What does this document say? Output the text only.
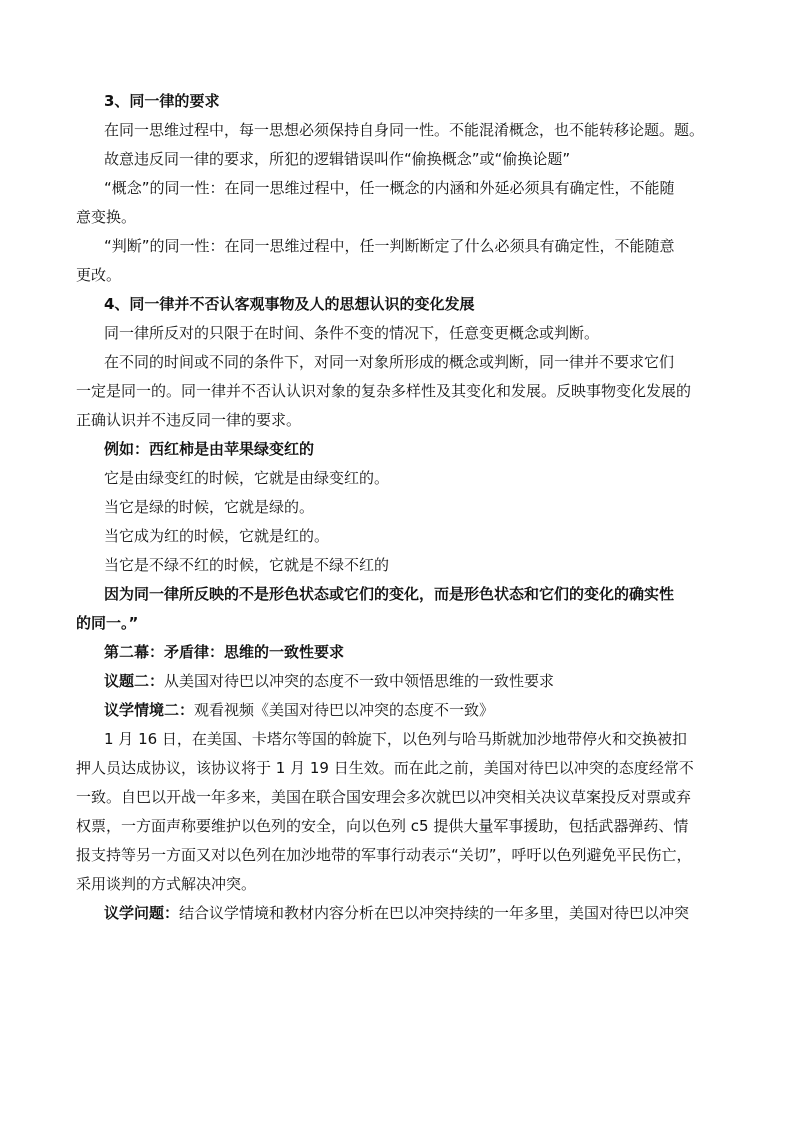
3、同一律的要求
在同一思维过程中，每一思想必须保持自身同一性。不能混淆概念，也不能转移论题。题。
故意违反同一律的要求，所犯的逻辑错误叫作“偷换概念”或“偷换论题”
“概念”的同一性：在同一思维过程中，任一概念的内涵和外延必须具有确定性，不能随
意变换。
“判断”的同一性：在同一思维过程中，任一判断断定了什么必须具有确定性，不能随意
更改。
4、同一律并不否认客观事物及人的思想认识的变化发展
同一律所反对的只限于在时间、条件不变的情况下，任意变更概念或判断。
在不同的时间或不同的条件下，对同一对象所形成的概念或判断，同一律并不要求它们
一定是同一的。同一律并不否认认识对象的复杂多样性及其变化和发展。反映事物变化发展的
正确认识并不违反同一律的要求。
例如：西红柿是由苹果绿变红的
它是由绿变红的时候，它就是由绿变红的。
当它是绿的时候，它就是绿的。
当它成为红的时候，它就是红的。
当它是不绿不红的时候，它就是不绿不红的
因为同一律所反映的不是形色状态或它们的变化，而是形色状态和它们的变化的确实性
的同一。”
第二幕：矛盾律：思维的一致性要求
议题二：从美国对待巴以冲突的态度不一致中领悟思维的一致性要求
议学情境二：观看视频《美国对待巴以冲突的态度不一致》
1 月 16 日，在美国、卡塔尔等国的斡旋下，以色列与哈马斯就加沙地带停火和交换被扣
押人员达成协议，该协议将于 1 月 19 日生效。而在此之前，美国对待巴以冲突的态度经常不
一致。自巴以开战一年多来，美国在联合国安理会多次就巴以冲突相关决议草案投反对票或弃
权票，一方面声称要维护以色列的安全，向以色列 c5 提供大量军事援助，包括武器弹药、情
报支持等另一方面又对以色列在加沙地带的军事行动表示“关切”，呼吁以色列避免平民伤亡，
采用谈判的方式解决冲突。
议学问题：结合议学情境和教材内容分析在巴以冲突持续的一年多里，美国对待巴以冲突
